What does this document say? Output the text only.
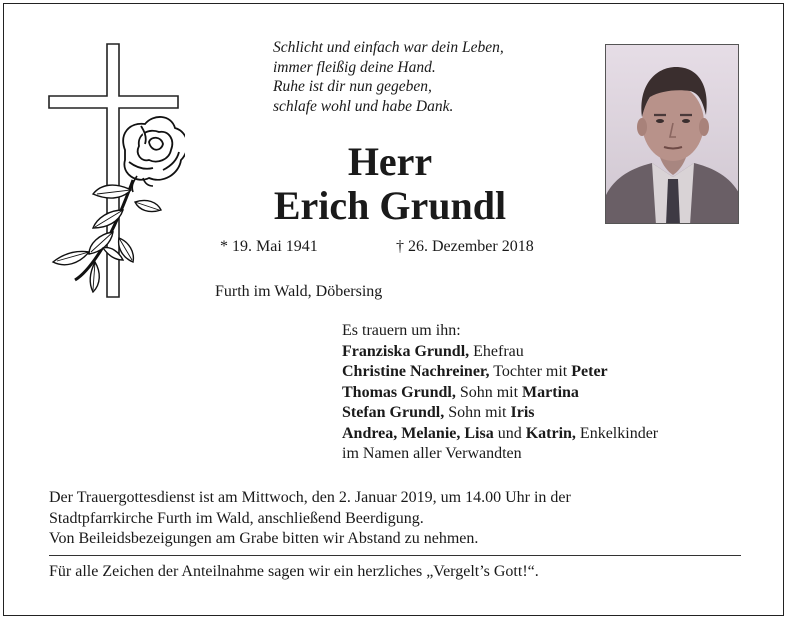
Schlicht und einfach war dein Leben,
immer fleißig deine Hand.
Ruhe ist dir nun gegeben,
schlafe wohl und habe Dank.
Herr
Erich Grundl
* 19. Mai 1941	† 26. Dezember 2018
Furth im Wald, Döbersing
Es trauern um ihn:
Franziska Grundl, Ehefrau
Christine Nachreiner, Tochter mit Peter
Thomas Grundl, Sohn mit Martina
Stefan Grundl, Sohn mit Iris
Andrea, Melanie, Lisa und Katrin, Enkelkinder
im Namen aller Verwandten
Der Trauergottesdienst ist am Mittwoch, den 2. Januar 2019, um 14.00 Uhr in der
Stadtpfarrkirche Furth im Wald, anschließend Beerdigung.
Von Beileidsbezeigungen am Grabe bitten wir Abstand zu nehmen.
Für alle Zeichen der Anteilnahme sagen wir ein herzliches „Vergelt’s Gott!“.
